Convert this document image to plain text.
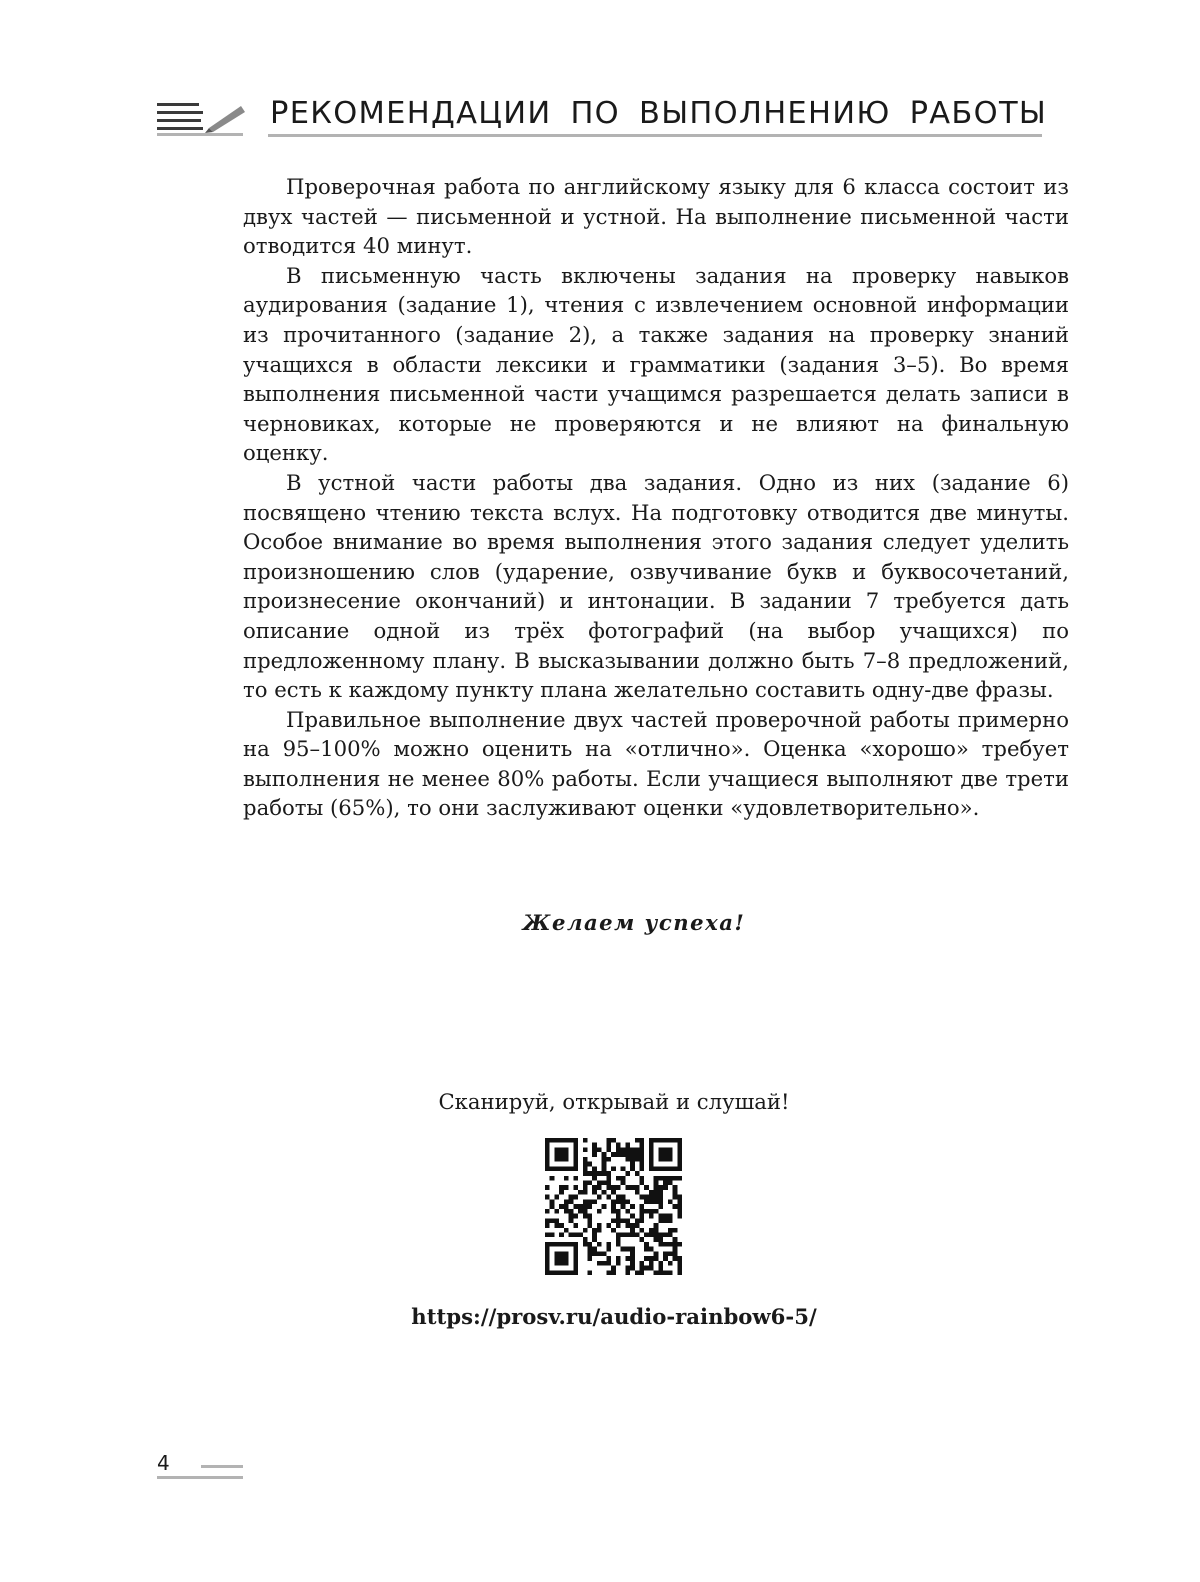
РЕКОМЕНДАЦИИ ПО ВЫПОЛНЕНИЮ РАБОТЫ

Проверочная работа по английскому языку для 6 класса состоит из двух частей — письменной и устной. На выполнение письменной части отводится 40 минут.

В письменную часть включены задания на проверку навыков аудирования (задание 1), чтения с извлечением основной информации из прочитанного (задание 2), а также задания на проверку знаний учащихся в области лексики и грамматики (задания 3–5). Во время выполнения письменной части учащимся разрешается делать записи в черновиках, которые не проверяются и не влияют на финальную оценку.

В устной части работы два задания. Одно из них (задание 6) посвящено чтению текста вслух. На подготовку отводится две минуты. Особое внимание во время выполнения этого задания следует уделить произношению слов (ударение, озвучивание букв и буквосочетаний, произнесение окончаний) и интонации. В задании 7 требуется дать описание одной из трёх фотографий (на выбор учащихся) по предложенному плану. В высказывании должно быть 7–8 предложений, то есть к каждому пункту плана желательно составить одну-две фразы.

Правильное выполнение двух частей проверочной работы примерно на 95–100% можно оценить на «отлично». Оценка «хорошо» требует выполнения не менее 80% работы. Если учащиеся выполняют две трети работы (65%), то они заслуживают оценки «удовлетворительно».

Желаем успеха!

Сканируй, открывай и слушай!

https://prosv.ru/audio-rainbow6-5/

4
